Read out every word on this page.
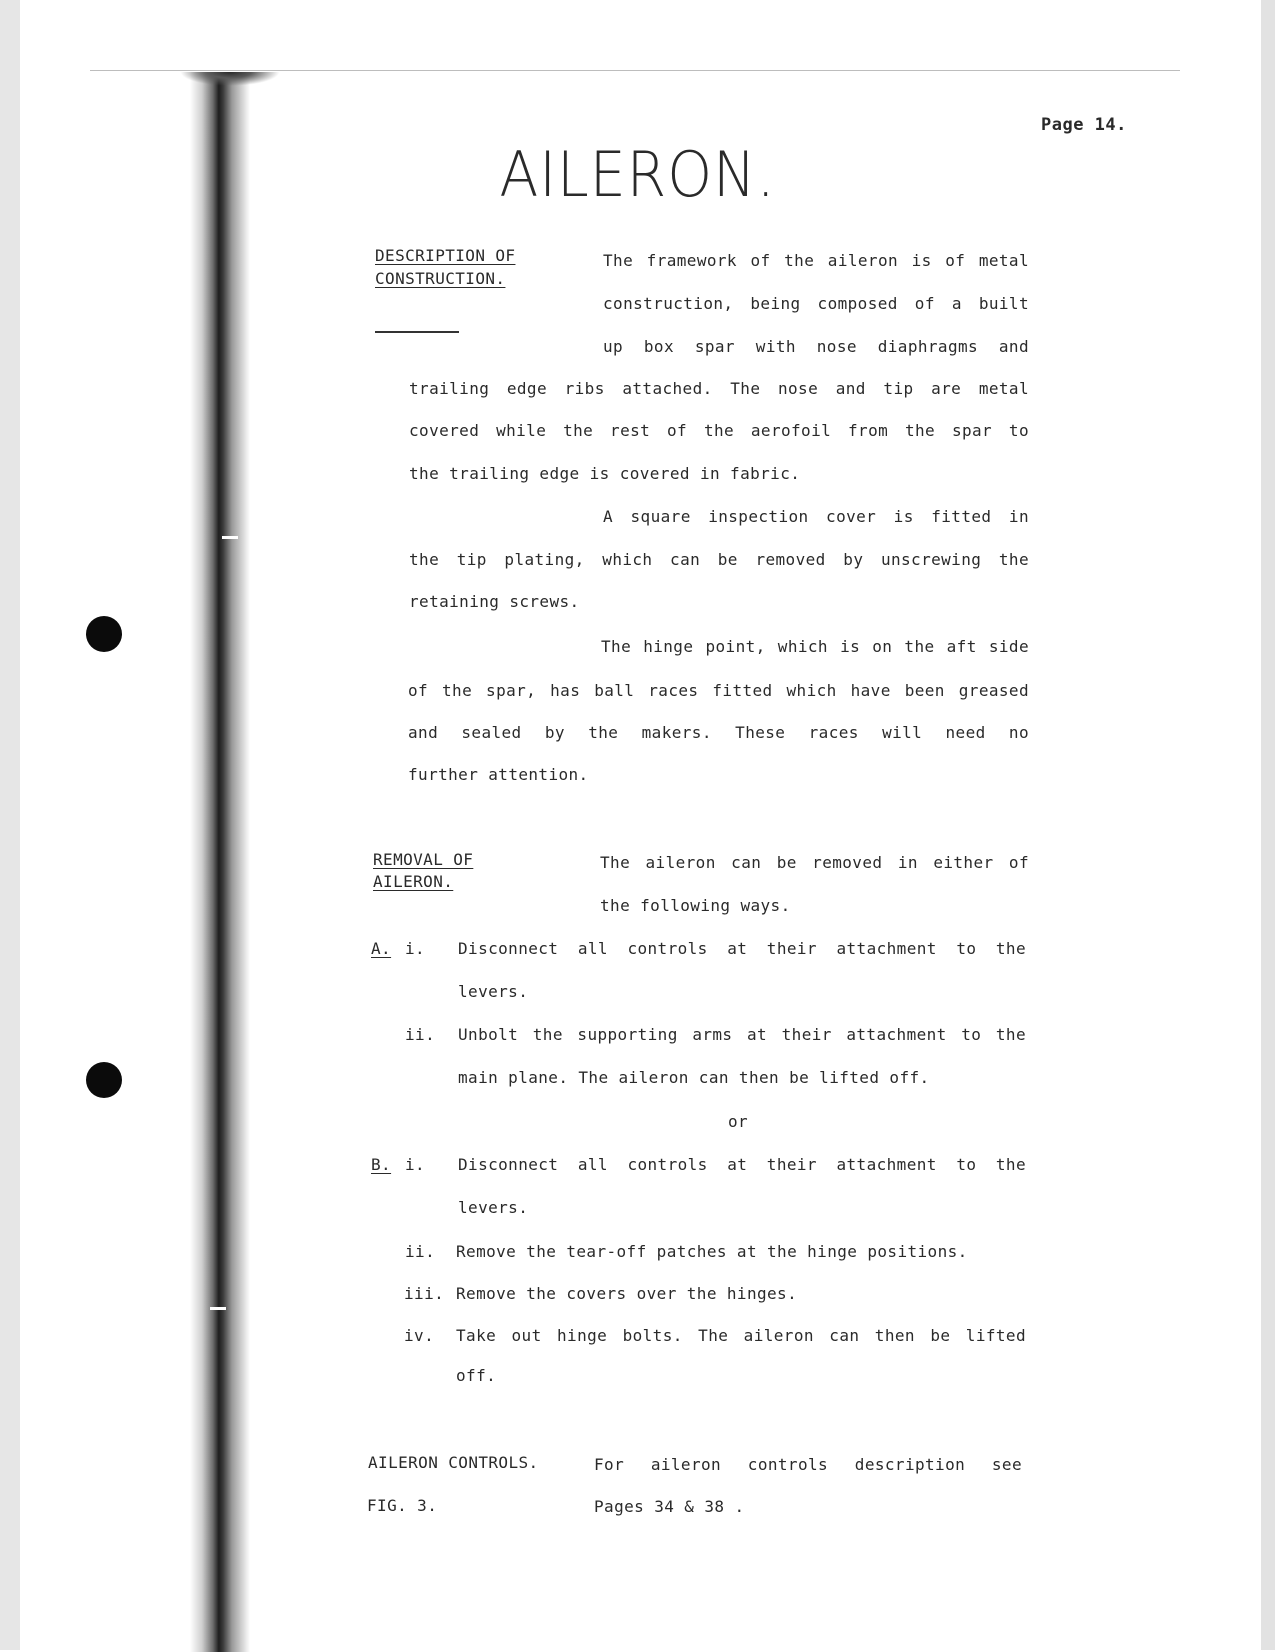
Page 14.
AILERON.
DESCRIPTION OF
CONSTRUCTION.
The framework of the aileron is of metal
construction, being composed of a built
up box spar with nose diaphragms and
trailing edge ribs attached. The nose and tip are metal
covered while the rest of the aerofoil from the spar to
the trailing edge is covered in fabric.
A square inspection cover is fitted in
the tip plating, which can be removed by unscrewing the
retaining screws.
The hinge point, which is on the aft side
of the spar, has ball races fitted which have been greased
and sealed by the makers. These races will need no
further attention.
REMOVAL OF
AILERON.
The aileron can be removed in either of
the following ways.
A. i. Disconnect all controls at their attachment to the
levers.
ii. Unbolt the supporting arms at their attachment to the
main plane. The aileron can then be lifted off.
or
B. i. Disconnect all controls at their attachment to the
levers.
ii. Remove the tear-off patches at the hinge positions.
iii. Remove the covers over the hinges.
iv. Take out hinge bolts. The aileron can then be lifted
off.
AILERON CONTROLS.
FIG. 3.
For aileron controls description see
Pages 34 & 38 .
